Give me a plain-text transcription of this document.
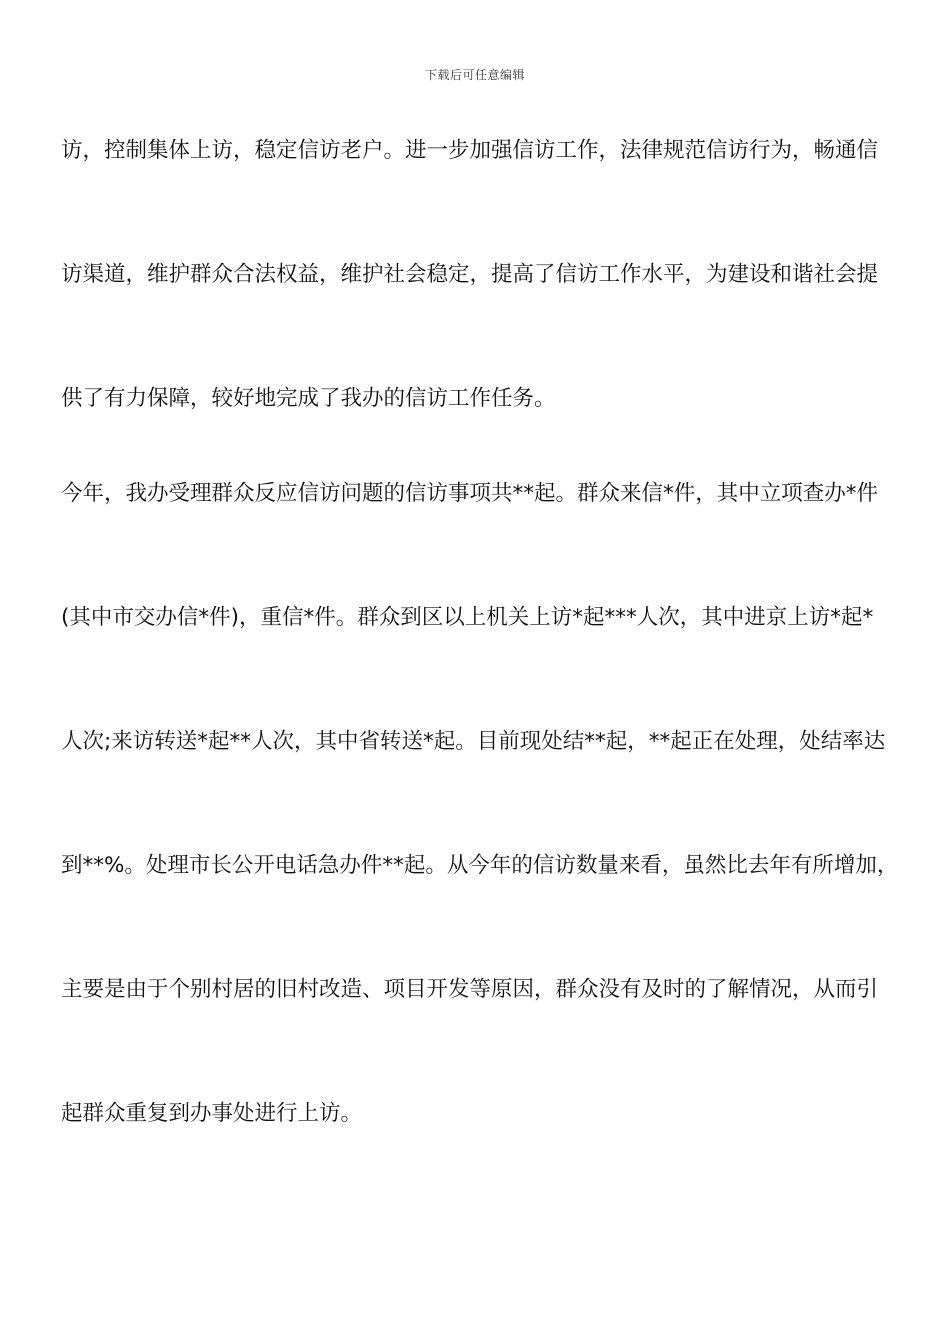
下载后可任意编辑
访，控制集体上访，稳定信访老户。进一步加强信访工作，法律规范信访行为，畅通信
访渠道，维护群众合法权益，维护社会稳定，提高了信访工作水平，为建设和谐社会提
供了有力保障，较好地完成了我办的信访工作任务。
今年，我办受理群众反应信访问题的信访事项共**起。群众来信*件，其中立项查办*件
(其中市交办信*件)，重信*件。群众到区以上机关上访*起***人次，其中进京上访*起*
人次;来访转送*起**人次，其中省转送*起。目前现处结**起，**起正在处理，处结率达
到**%。处理市长公开电话急办件**起。从今年的信访数量来看，虽然比去年有所增加，
主要是由于个别村居的旧村改造、项目开发等原因，群众没有及时的了解情况，从而引
起群众重复到办事处进行上访。
